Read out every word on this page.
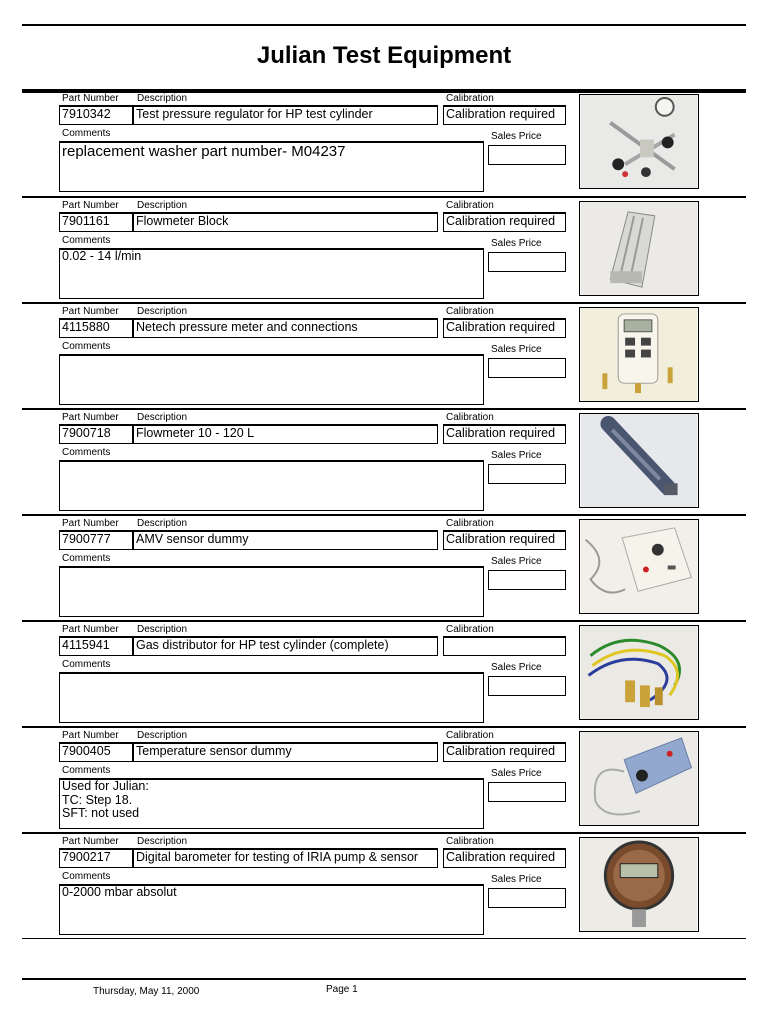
Julian Test Equipment
Part Number Description	Calibration
7910342	Test pressure regulator for HP test cylinder	Calibration required
Comments	Sales Price
replacement washer part number- M04237
Part Number Description	Calibration
7901161	Flowmeter Block	Calibration required
Comments	Sales Price
0.02 - 14 l/min
Part Number Description	Calibration
4115880	Netech pressure meter and connections	Calibration required
Comments	Sales Price
Part Number Description	Calibration
7900718	Flowmeter 10 - 120 L	Calibration required
Comments	Sales Price
Part Number Description	Calibration
7900777	AMV sensor dummy	Calibration required
Comments	Sales Price
Part Number Description	Calibration
4115941	Gas distributor for HP test cylinder (complete)
Comments	Sales Price
Part Number Description	Calibration
7900405	Temperature sensor dummy	Calibration required
Comments	Sales Price
Used for Julian:
TC: Step 18.
SFT: not used
Part Number Description	Calibration
7900217	Digital barometer for testing of IRIA pump & sensor	Calibration required
Comments	Sales Price
0-2000 mbar absolut
Thursday, May 11, 2000	Page 1
